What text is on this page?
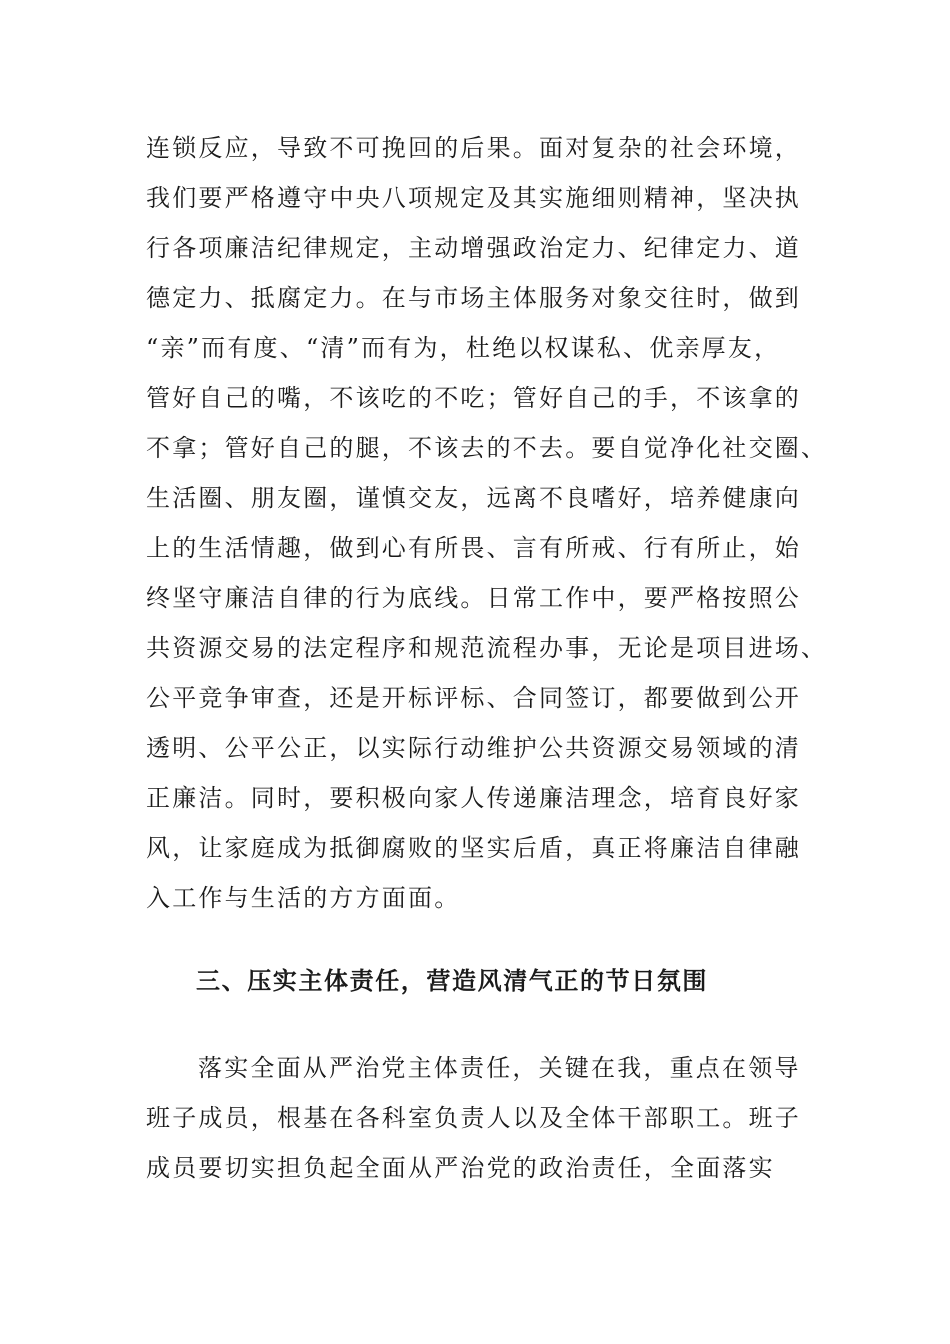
连锁反应，导致不可挽回的后果。面对复杂的社会环境，
我们要严格遵守中央八项规定及其实施细则精神，坚决执
行各项廉洁纪律规定，主动增强政治定力、纪律定力、道
德定力、抵腐定力。在与市场主体服务对象交往时，做到
“亲”而有度、“清”而有为，杜绝以权谋私、优亲厚友，
管好自己的嘴，不该吃的不吃；管好自己的手，不该拿的
不拿；管好自己的腿，不该去的不去。要自觉净化社交圈、
生活圈、朋友圈，谨慎交友，远离不良嗜好，培养健康向
上的生活情趣，做到心有所畏、言有所戒、行有所止，始
终坚守廉洁自律的行为底线。日常工作中，要严格按照公
共资源交易的法定程序和规范流程办事，无论是项目进场、
公平竞争审查，还是开标评标、合同签订，都要做到公开
透明、公平公正，以实际行动维护公共资源交易领域的清
正廉洁。同时，要积极向家人传递廉洁理念，培育良好家
风，让家庭成为抵御腐败的坚实后盾，真正将廉洁自律融
入工作与生活的方方面面。
三、压实主体责任，营造风清气正的节日氛围
落实全面从严治党主体责任，关键在我，重点在领导
班子成员，根基在各科室负责人以及全体干部职工。班子
成员要切实担负起全面从严治党的政治责任，全面落实
